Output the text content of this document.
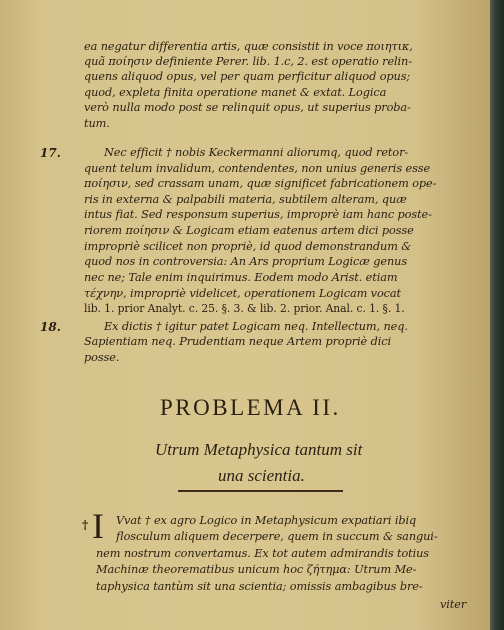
ea negatur differentia artis, quæ consistit in voce ποιητικ,
quã ποίησιν definiente Perer. lib. 1.c, 2. est operatio relin-
quens aliquod opus, vel per quam perficitur aliquod opus;
quod, expleta finita operatione manet & extat. Logica
verò nulla modo post se relinquit opus, ut superius proba-
tum.
17.	Nec efficit † nobis Keckermanni aliorumq, quod retor-
quent telum invalidum, contendentes, non unius generis esse
ποίησιν, sed crassam unam, quæ significet fabricationem ope-
ris in externa & palpabili materia, subtilem alteram, quæ
intus fiat. Sed responsum superius, improprè iam hanc poste-
riorem ποίησιν & Logicam etiam eatenus artem dici posse
impropriè scilicet non propriè, id quod demonstrandum &
quod nos in controversia: An Ars proprium Logicæ genus
nec ne; Tale enim inquirimus. Eodem modo Arist. etiam
τέχνην, impropriè videlicet, operationem Logicam vocat
lib. 1. prior Analyt. c. 25. §. 3. & lib. 2. prior. Anal. c. 1. §. 1.
18.	Ex dictis † igitur patet Logicam neq. Intellectum, neq.
Sapientiam neq. Prudentiam neque Artem propriè dici
posse.
PROBLEMA II.
Utrum Metaphysica tantum sit
una scientia.
† I Vvat † ex agro Logico in Metaphysicum expatiari ibiq
flosculum aliquem decerpere, quem in succum & sangui-
nem nostrum convertamus. Ex tot autem admirandis totius
Machinæ theorematibus unicum hoc ζήτημα: Utrum Me-
taphysica tantùm sit una scientia; omissis ambagibus bre-
viter
